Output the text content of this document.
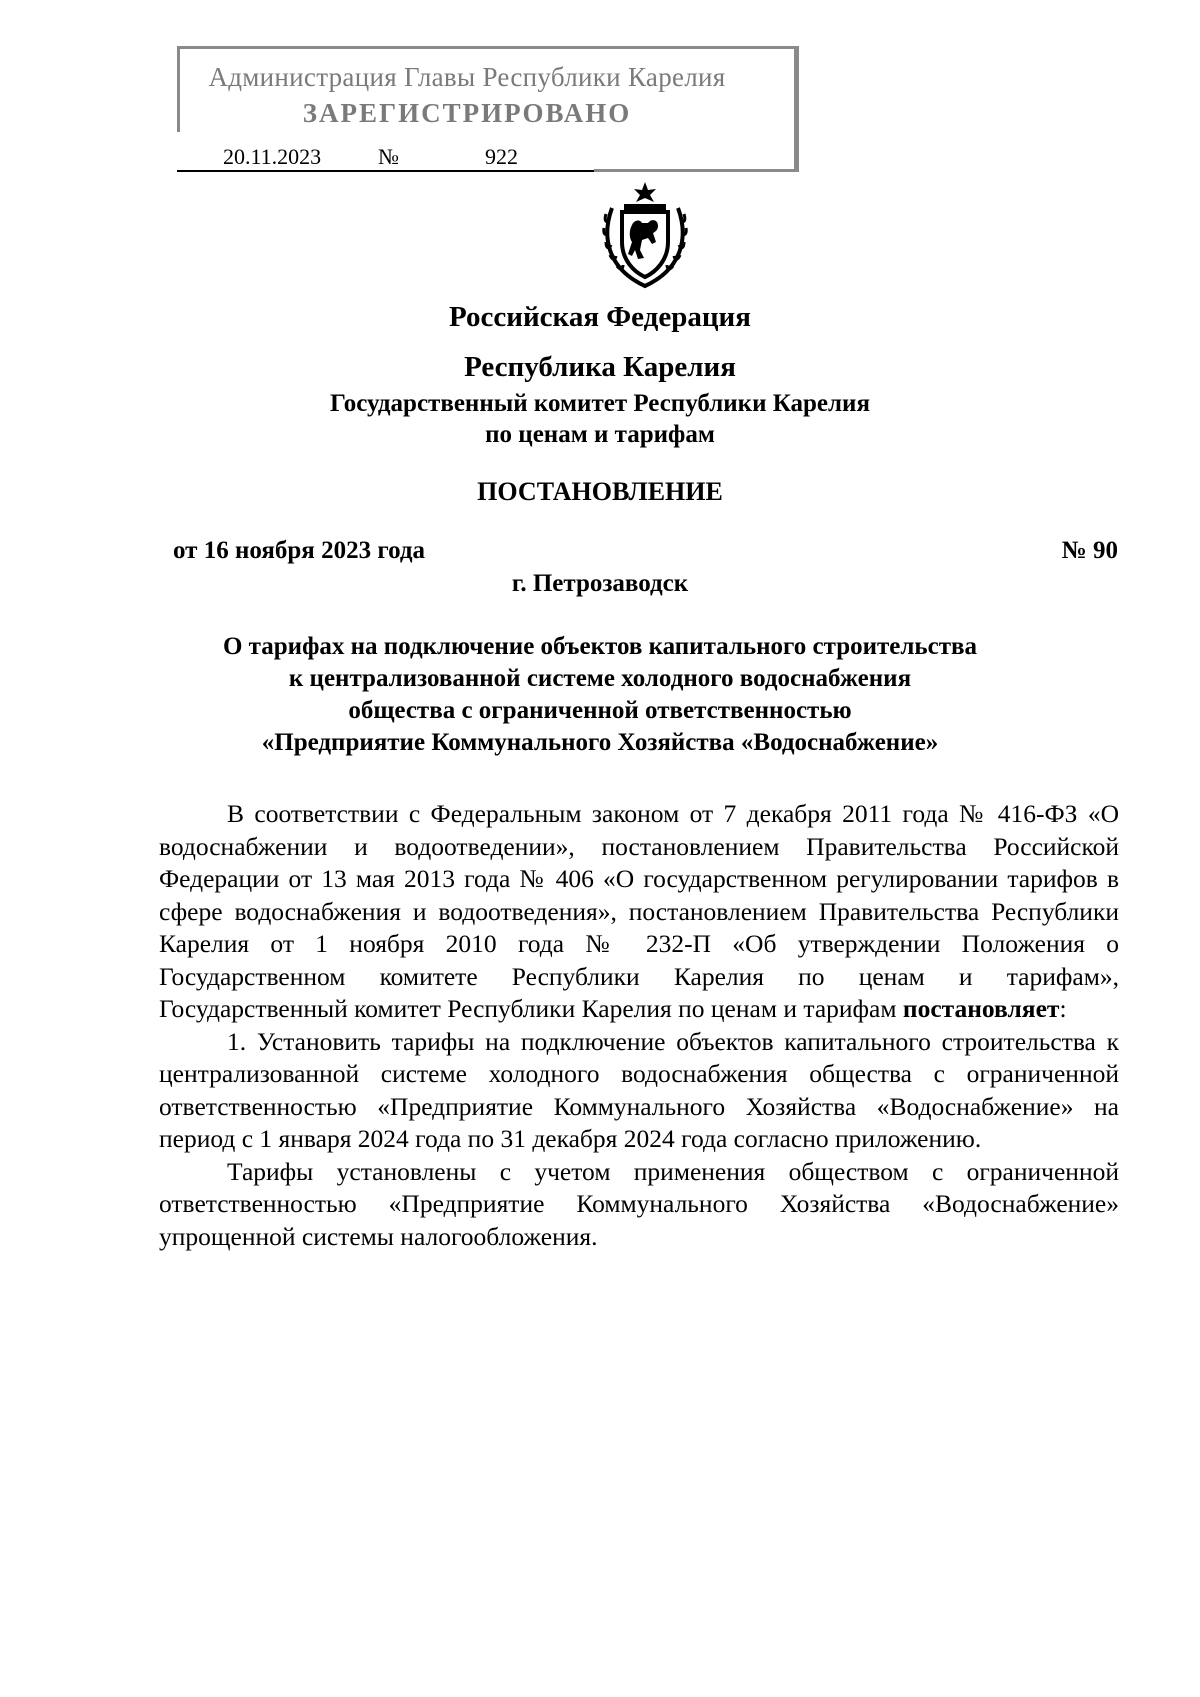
Администрация Главы Республики Карелия
ЗАРЕГИСТРИРОВАНО
20.11.2023	№	922
Российская Федерация
Республика Карелия
Государственный комитет Республики Карелия
по ценам и тарифам
ПОСТАНОВЛЕНИЕ
от 16 ноября 2023 года	№ 90
г. Петрозаводск
О тарифах на подключение объектов капитального строительства
к централизованной системе холодного водоснабжения
общества с ограниченной ответственностью
«Предприятие Коммунального Хозяйства «Водоснабжение»

В соответствии с Федеральным законом от 7 декабря 2011 года № 416-ФЗ «О водоснабжении и водоотведении», постановлением Правительства Российской Федерации от 13 мая 2013 года № 406 «О государственном регулировании тарифов в сфере водоснабжения и водоотведения», постановлением Правительства Республики Карелия от 1 ноября 2010 года № 232-П «Об утверждении Положения о Государственном комитете Республики Карелия по ценам и тарифам», Государственный комитет Республики Карелия по ценам и тарифам постановляет:

1. Установить тарифы на подключение объектов капитального строительства к централизованной системе холодного водоснабжения общества с ограниченной ответственностью «Предприятие Коммунального Хозяйства «Водоснабжение» на период с 1 января 2024 года по 31 декабря 2024 года согласно приложению.

Тарифы установлены с учетом применения обществом с ограниченной ответственностью «Предприятие Коммунального Хозяйства «Водоснабжение» упрощенной системы налогообложения.
